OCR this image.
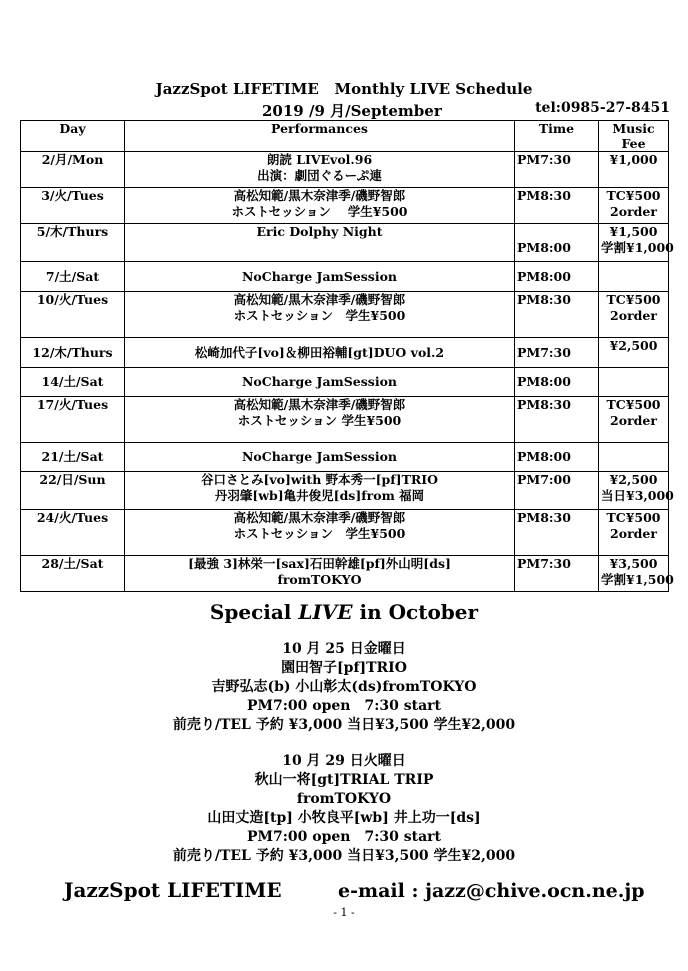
JazzSpot LIFETIME   Monthly LIVE Schedule
2019 /9 月/September	tel:0985-27-8451
Day	Performances	Time	Music Fee

2/月/Mon	朗読 LIVEvol.96
出演：劇団ぐるーぷ連	PM7:30	¥1,000

3/火/Tues	高松知範/黒木奈津季/磯野智郎
ホストセッション　 学生¥500	PM8:30	TC¥500
2order

5/木/Thurs	Eric Dolphy Night	PM8:00	¥1,500
学割¥1,000

7/土/Sat	NoCharge JamSession	PM8:00	

10/火/Tues	高松知範/黒木奈津季/磯野智郎
ホストセッション　学生¥500	PM8:30	TC¥500
2order

12/木/Thurs	松崎加代子[vo]＆柳田裕輔[gt]DUO vol.2	PM7:30	¥2,500

14/土/Sat	NoCharge JamSession	PM8:00	

17/火/Tues	高松知範/黒木奈津季/磯野智郎
ホストセッション 学生¥500	PM8:30	TC¥500
2order

21/土/Sat	NoCharge JamSession	PM8:00	

22/日/Sun	谷口さとみ[vo]with 野本秀一[pf]TRIO
丹羽肇[wb]亀井俊児[ds]from 福岡	PM7:00	¥2,500
当日¥3,000

24/火/Tues	高松知範/黒木奈津季/磯野智郎
ホストセッション　学生¥500	PM8:30	TC¥500
2order

28/土/Sat	[最強 3]林栄一[sax]石田幹雄[pf]外山明[ds]
fromTOKYO	PM7:30	¥3,500
学割¥1,500
Special LIVE in October
10 月 25 日金曜日
園田智子[pf]TRIO
吉野弘志(b) 小山彰太(ds)fromTOKYO
PM7:00 open　7:30 start
前売り/TEL 予約 ¥3,000 当日¥3,500 学生¥2,000
10 月 29 日火曜日
秋山一将[gt]TRIAL TRIP
fromTOKYO
山田丈造[tp] 小牧良平[wb] 井上功一[ds]
PM7:00 open　7:30 start
前売り/TEL 予約 ¥3,000 当日¥3,500 学生¥2,000
JazzSpot LIFETIME	e-mail : jazz@chive.ocn.ne.jp
- 1 -
